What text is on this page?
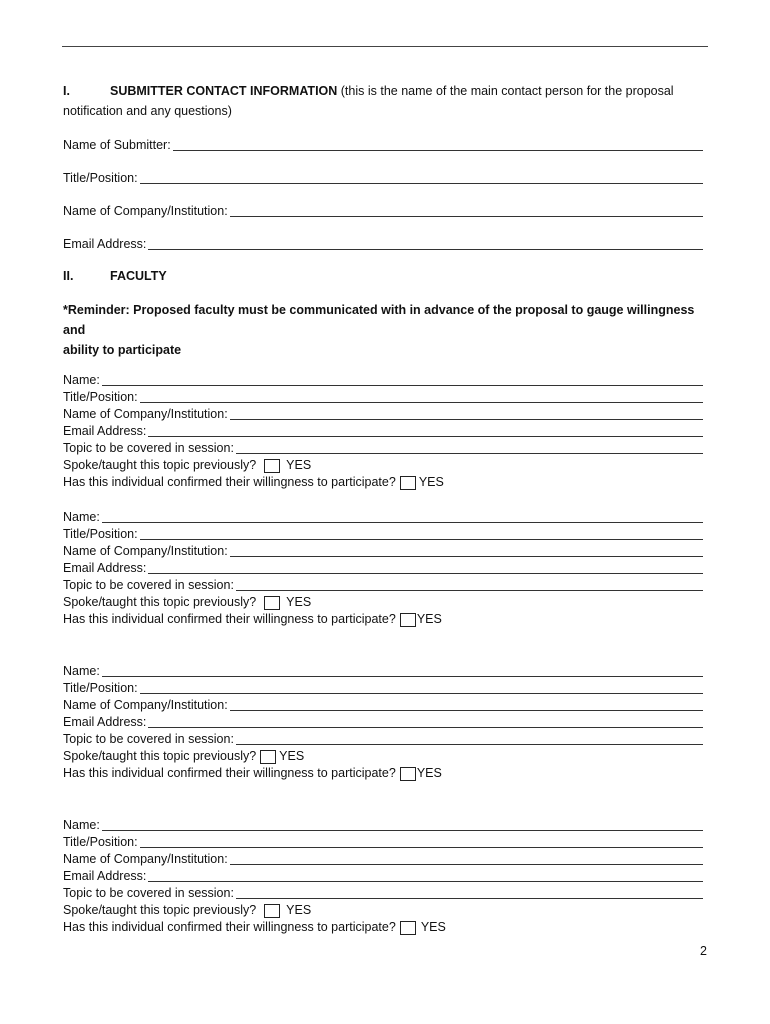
I.	SUBMITTER CONTACT INFORMATION (this is the name of the main contact person for the proposal
notification and any questions)
Name of Submitter:
Title/Position:
Name of Company/Institution:
Email Address:
II.	FACULTY
*Reminder: Proposed faculty must be communicated with in advance of the proposal to gauge willingness and
ability to participate
Name:
Title/Position:
Name of Company/Institution:
Email Address:
Topic to be covered in session:
Spoke/taught this topic previously? YES
Has this individual confirmed their willingness to participate? YES
Name:
Title/Position:
Name of Company/Institution:
Email Address:
Topic to be covered in session:
Spoke/taught this topic previously? YES
Has this individual confirmed their willingness to participate? YES
Name:
Title/Position:
Name of Company/Institution:
Email Address:
Topic to be covered in session:
Spoke/taught this topic previously? YES
Has this individual confirmed their willingness to participate? YES
Name:
Title/Position:
Name of Company/Institution:
Email Address:
Topic to be covered in session:
Spoke/taught this topic previously? YES
Has this individual confirmed their willingness to participate? YES
2
